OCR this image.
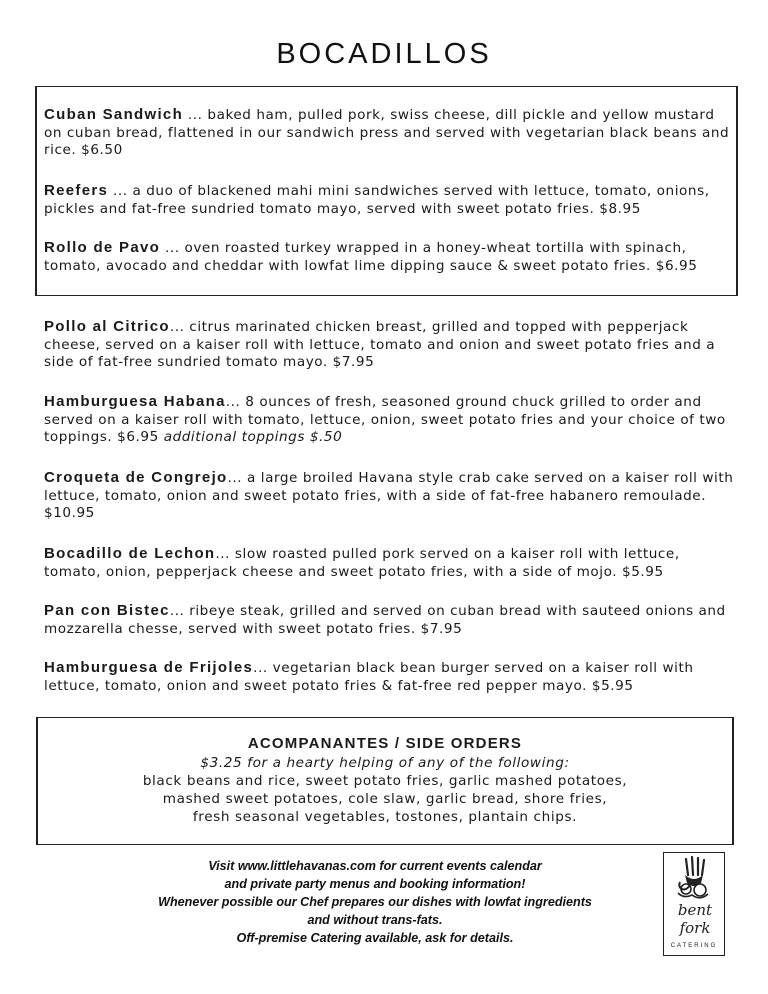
BOCADILLOS

Cuban Sandwich ... baked ham, pulled pork, swiss cheese, dill pickle and yellow mustard on cuban bread, flattened in our sandwich press and served with vegetarian black beans and rice. $6.50

Reefers ... a duo of blackened mahi mini sandwiches served with lettuce, tomato, onions, pickles and fat-free sundried tomato mayo, served with sweet potato fries. $8.95

Rollo de Pavo ... oven roasted turkey wrapped in a honey-wheat tortilla with spinach, tomato, avocado and cheddar with lowfat lime dipping sauce & sweet potato fries. $6.95

Pollo al Citrico... citrus marinated chicken breast, grilled and topped with pepperjack cheese, served on a kaiser roll with lettuce, tomato and onion and sweet potato fries and a side of fat-free sundried tomato mayo. $7.95

Hamburguesa Habana... 8 ounces of fresh, seasoned ground chuck grilled to order and served on a kaiser roll with tomato, lettuce, onion, sweet potato fries and your choice of two toppings. $6.95 additional toppings $.50

Croqueta de Congrejo... a large broiled Havana style crab cake served on a kaiser roll with lettuce, tomato, onion and sweet potato fries, with a side of fat-free habanero remoulade. $10.95

Bocadillo de Lechon... slow roasted pulled pork served on a kaiser roll with lettuce, tomato, onion, pepperjack cheese and sweet potato fries, with a side of mojo. $5.95

Pan con Bistec... ribeye steak, grilled and served on cuban bread with sauteed onions and mozzarella chesse, served with sweet potato fries. $7.95

Hamburguesa de Frijoles... vegetarian black bean burger served on a kaiser roll with lettuce, tomato, onion and sweet potato fries & fat-free red pepper mayo. $5.95

ACOMPANANTES / SIDE ORDERS
$3.25 for a hearty helping of any of the following:
black beans and rice, sweet potato fries, garlic mashed potatoes,
mashed sweet potatoes, cole slaw, garlic bread, shore fries,
fresh seasonal vegetables, tostones, plantain chips.
Visit www.littlehavanas.com for current events calendar
and private party menus and booking information!
Whenever possible our Chef prepares our dishes with lowfat ingredients
and without trans-fats.
Off-premise Catering available, ask for details.
bent
fork
CATERING
